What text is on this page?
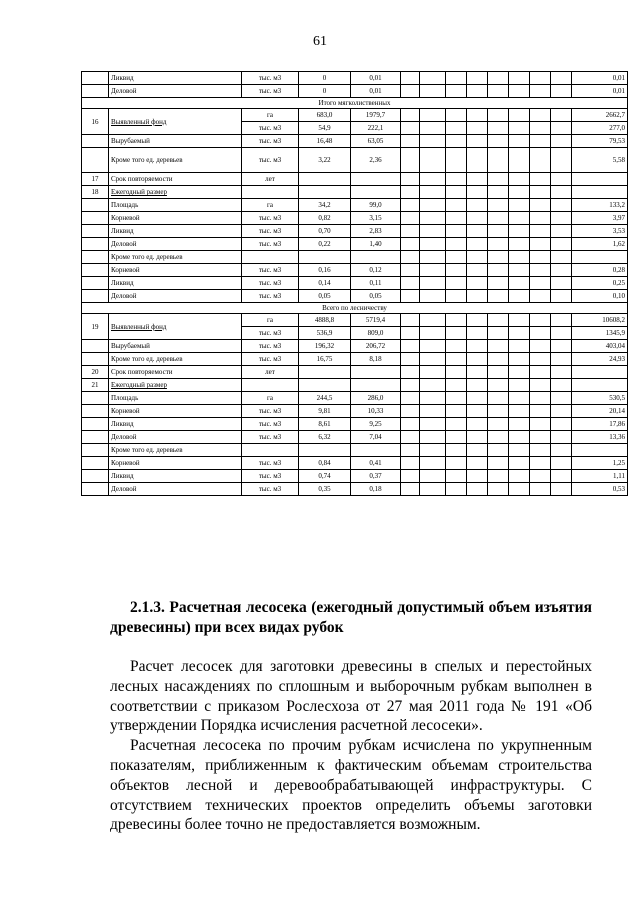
61
	Ликвид	тыс. м3	0	0,01									0,01
	Деловой	тыс. м3	0	0,01									0,01
Итого мягколиственных													
16	Выявленный фонд	га	683,0	1979,7									2662,7
		тыс. м3	54,9	222,1									277,0
	Вырубаемый	тыс. м3	16,48	63,05									79,53
	Кроме того ед. деревьев	тыс. м3	3,22	2,36									5,58
17	Срок повторяемости	лет											
18	Ежегодный размер												
	Площадь	га	34,2	99,0									133,2
	Корневой	тыс. м3	0,82	3,15									3,97
	Ликвид	тыс. м3	0,70	2,83									3,53
	Деловой	тыс. м3	0,22	1,40									1,62
	Кроме того ед. деревьев												
	Корневой	тыс. м3	0,16	0,12									0,28
	Ликвид	тыс. м3	0,14	0,11									0,25
	Деловой	тыс. м3	0,05	0,05									0,10
Всего по лесничеству													
19	Выявленный фонд	га	4888,8	5719,4									10608,2
		тыс. м3	536,9	809,0									1345,9
	Вырубаемый	тыс. м3	196,32	206,72									403,04
	Кроме того ед. деревьев	тыс. м3	16,75	8,18									24,93
20	Срок повторяемости	лет											
21	Ежегодный размер												
	Площадь	га	244,5	286,0									530,5
	Корневой	тыс. м3	9,81	10,33									20,14
	Ликвид	тыс. м3	8,61	9,25									17,86
	Деловой	тыс. м3	6,32	7,04									13,36
	Кроме того ед. деревьев												
	Корневой	тыс. м3	0,84	0,41									1,25
	Ликвид	тыс. м3	0,74	0,37									1,11
	Деловой	тыс. м3	0,35	0,18									0,53
2.1.3. Расчетная лесосека (ежегодный допустимый объем изъятия
древесины) при всех видах рубок

Расчет лесосек для заготовки древесины в спелых и перестойных лесных насаждениях по сплошным и выборочным рубкам выполнен в соответствии с приказом Рослесхоза от 27 мая 2011 года № 191 «Об утверждении Порядка исчисления расчетной лесосеки».

Расчетная лесосека по прочим рубкам исчислена по укрупненным показателям, приближенным к фактическим объемам строительства объектов лесной и деревообрабатывающей инфраструктуры. С отсутствием технических проектов определить объемы заготовки древесины более точно не предоставляется возможным.
